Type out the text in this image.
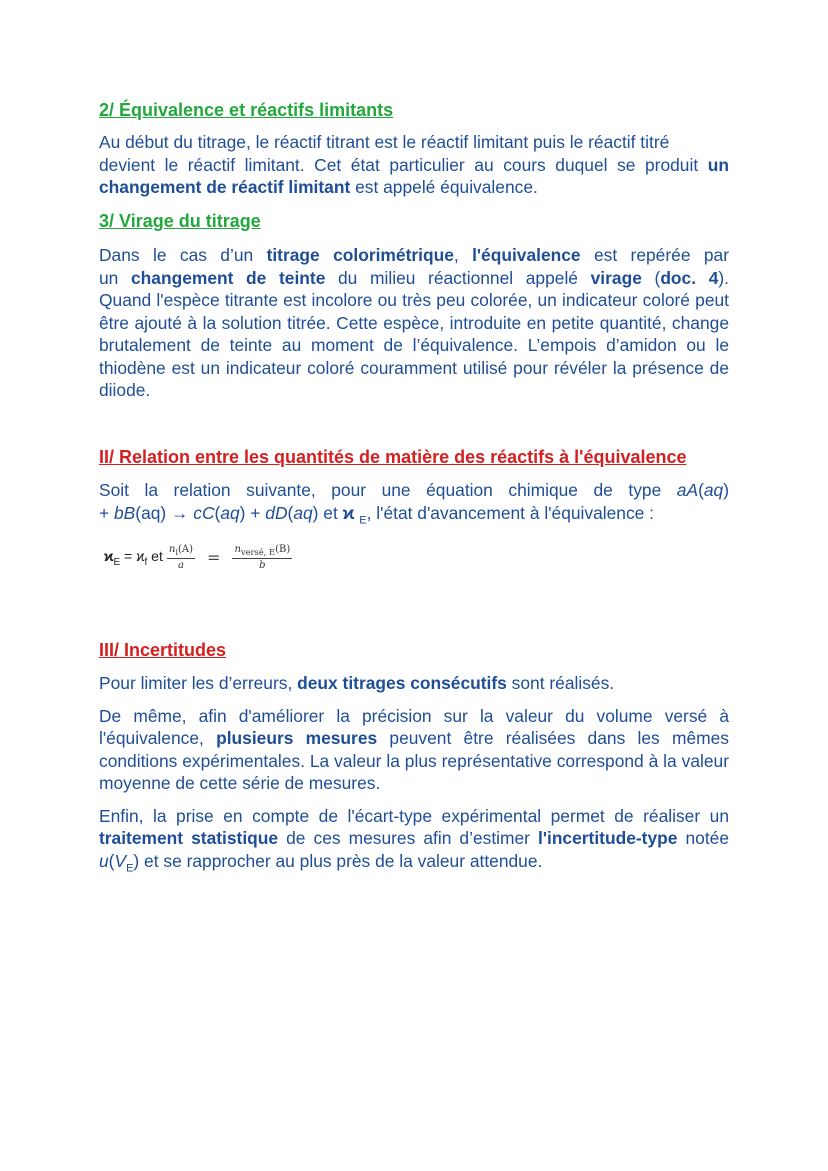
2/ Équivalence et réactifs limitants

Au début du titrage, le réactif titrant est le réactif limitant puis le réactif titré

devient le réactif limitant. Cet état particulier au cours duquel se produit un

changement de réactif limitant est appelé équivalence.

3/ Virage du titrage

Dans le cas d’un titrage colorimétrique, l'équivalence est repérée par

un changement de teinte du milieu réactionnel appelé virage (doc. 4).

Quand l'espèce titrante est incolore ou très peu colorée, un indicateur coloré peut être ajouté à la solution titrée. Cette espèce, introduite en petite quantité, change brutalement de teinte au moment de l’équivalence. L’empois d’amidon ou le thiodène est un indicateur coloré couramment utilisé pour révéler la présence de diiode.

II/ Relation entre les quantités de matière des réactifs à l'équivalence

Soit la relation suivante, pour une équation chimique de type aA(aq)

+ bB(aq) → cC(aq) + dD(aq) et ϰ $_E$, l'état d'avancement à l'équivalence :

$ϰ_E = ϰ_f$ et $\frac{n_i(A)}{a} = \frac{n_{versé, E}(B)}{b}$
III/ Incertitudes

Pour limiter les d’erreurs, deux titrages consécutifs sont réalisés.

De même, afin d'améliorer la précision sur la valeur du volume versé à l'équivalence, plusieurs mesures peuvent être réalisées dans les mêmes conditions expérimentales. La valeur la plus représentative correspond à la valeur moyenne de cette série de mesures.

Enfin, la prise en compte de l'écart-type expérimental permet de réaliser un traitement statistique de ces mesures afin d’estimer l'incertitude-type notée $u(V_E)$ et se rapprocher au plus près de la valeur attendue.
